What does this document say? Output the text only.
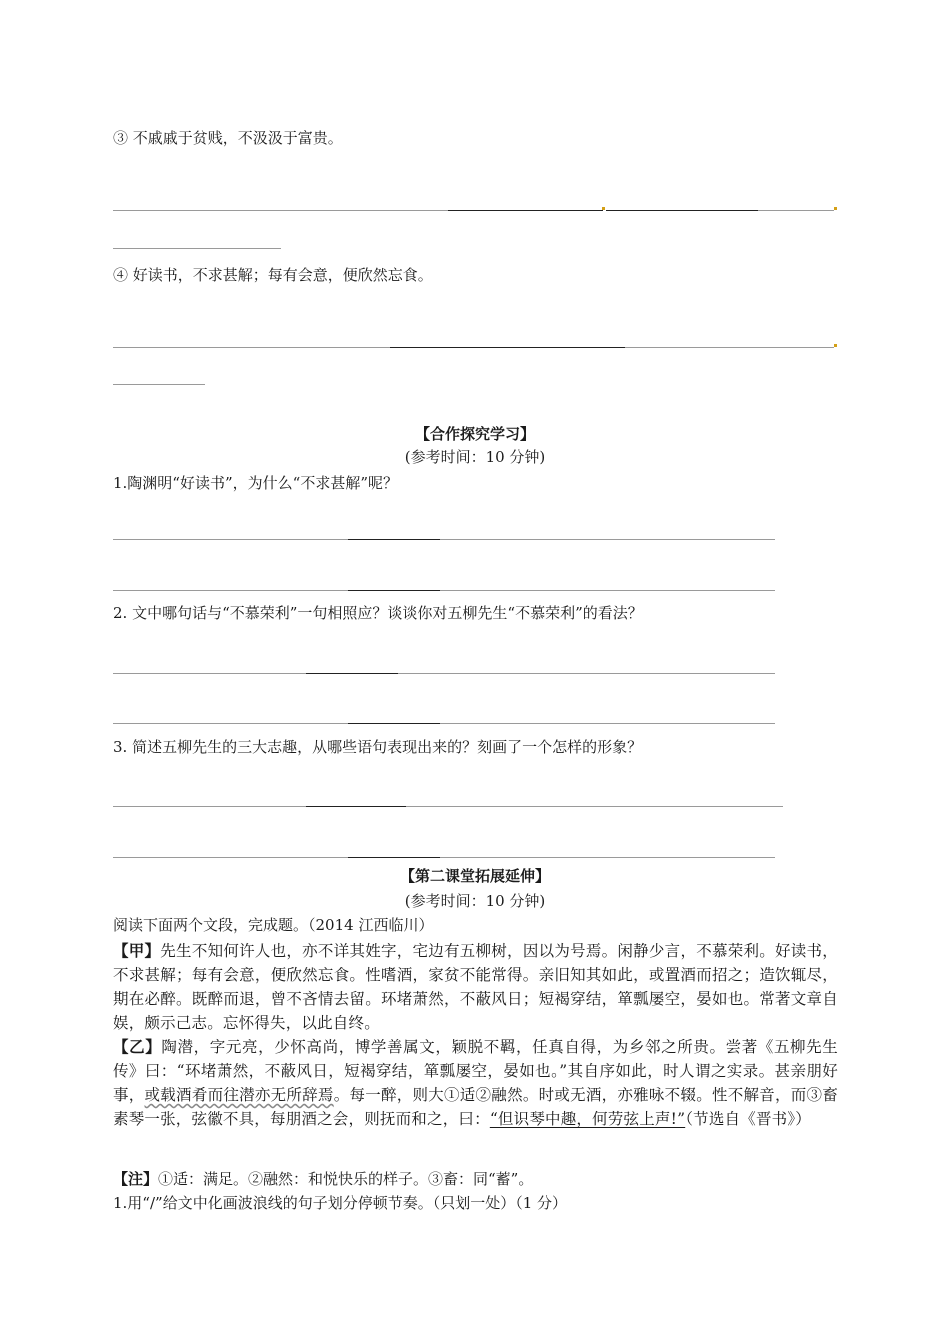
③ 不戚戚于贫贱，不汲汲于富贵。
④ 好读书，不求甚解；每有会意，便欣然忘食。
【合作探究学习】
(参考时间：10 分钟)
1.陶渊明“好读书”，为什么“不求甚解”呢？
2. 文中哪句话与“不慕荣利”一句相照应？谈谈你对五柳先生“不慕荣利”的看法？
3. 简述五柳先生的三大志趣，从哪些语句表现出来的？刻画了一个怎样的形象？
【第二课堂拓展延伸】
(参考时间：10 分钟)
阅读下面两个文段，完成题。（2014 江西临川）
【甲】先生不知何许人也，亦不详其姓字，宅边有五柳树，因以为号焉。闲静少言，不慕荣利。好读书，不求甚解；每有会意，便欣然忘食。性嗜酒，家贫不能常得。亲旧知其如此，或置酒而招之；造饮辄尽，期在必醉。既醉而退，曾不吝情去留。环堵萧然，不蔽风日；短褐穿结，箪瓢屡空，晏如也。常著文章自娱，颇示己志。忘怀得失，以此自终。
【乙】陶潜，字元亮，少怀高尚，博学善属文，颖脱不羁，任真自得，为乡邻之所贵。尝著《五柳先生传》曰：“环堵萧然，不蔽风日，短褐穿结，箪瓢屡空，晏如也。”其自序如此，时人谓之实录。甚亲朋好事，或载酒肴而往潜亦无所辞焉。每一醉，则大①适②融然。时或无酒，亦雅咏不辍。性不解音，而③畜素琴一张，弦徽不具，每朋酒之会，则抚而和之，曰：“但识琴中趣，何劳弦上声!”（节选自《晋书》）
【注】①适：满足。②融然：和悦快乐的样子。③畜：同“蓄”。
1.用“/”给文中化画波浪线的句子划分停顿节奏。（只划一处）（1 分）
